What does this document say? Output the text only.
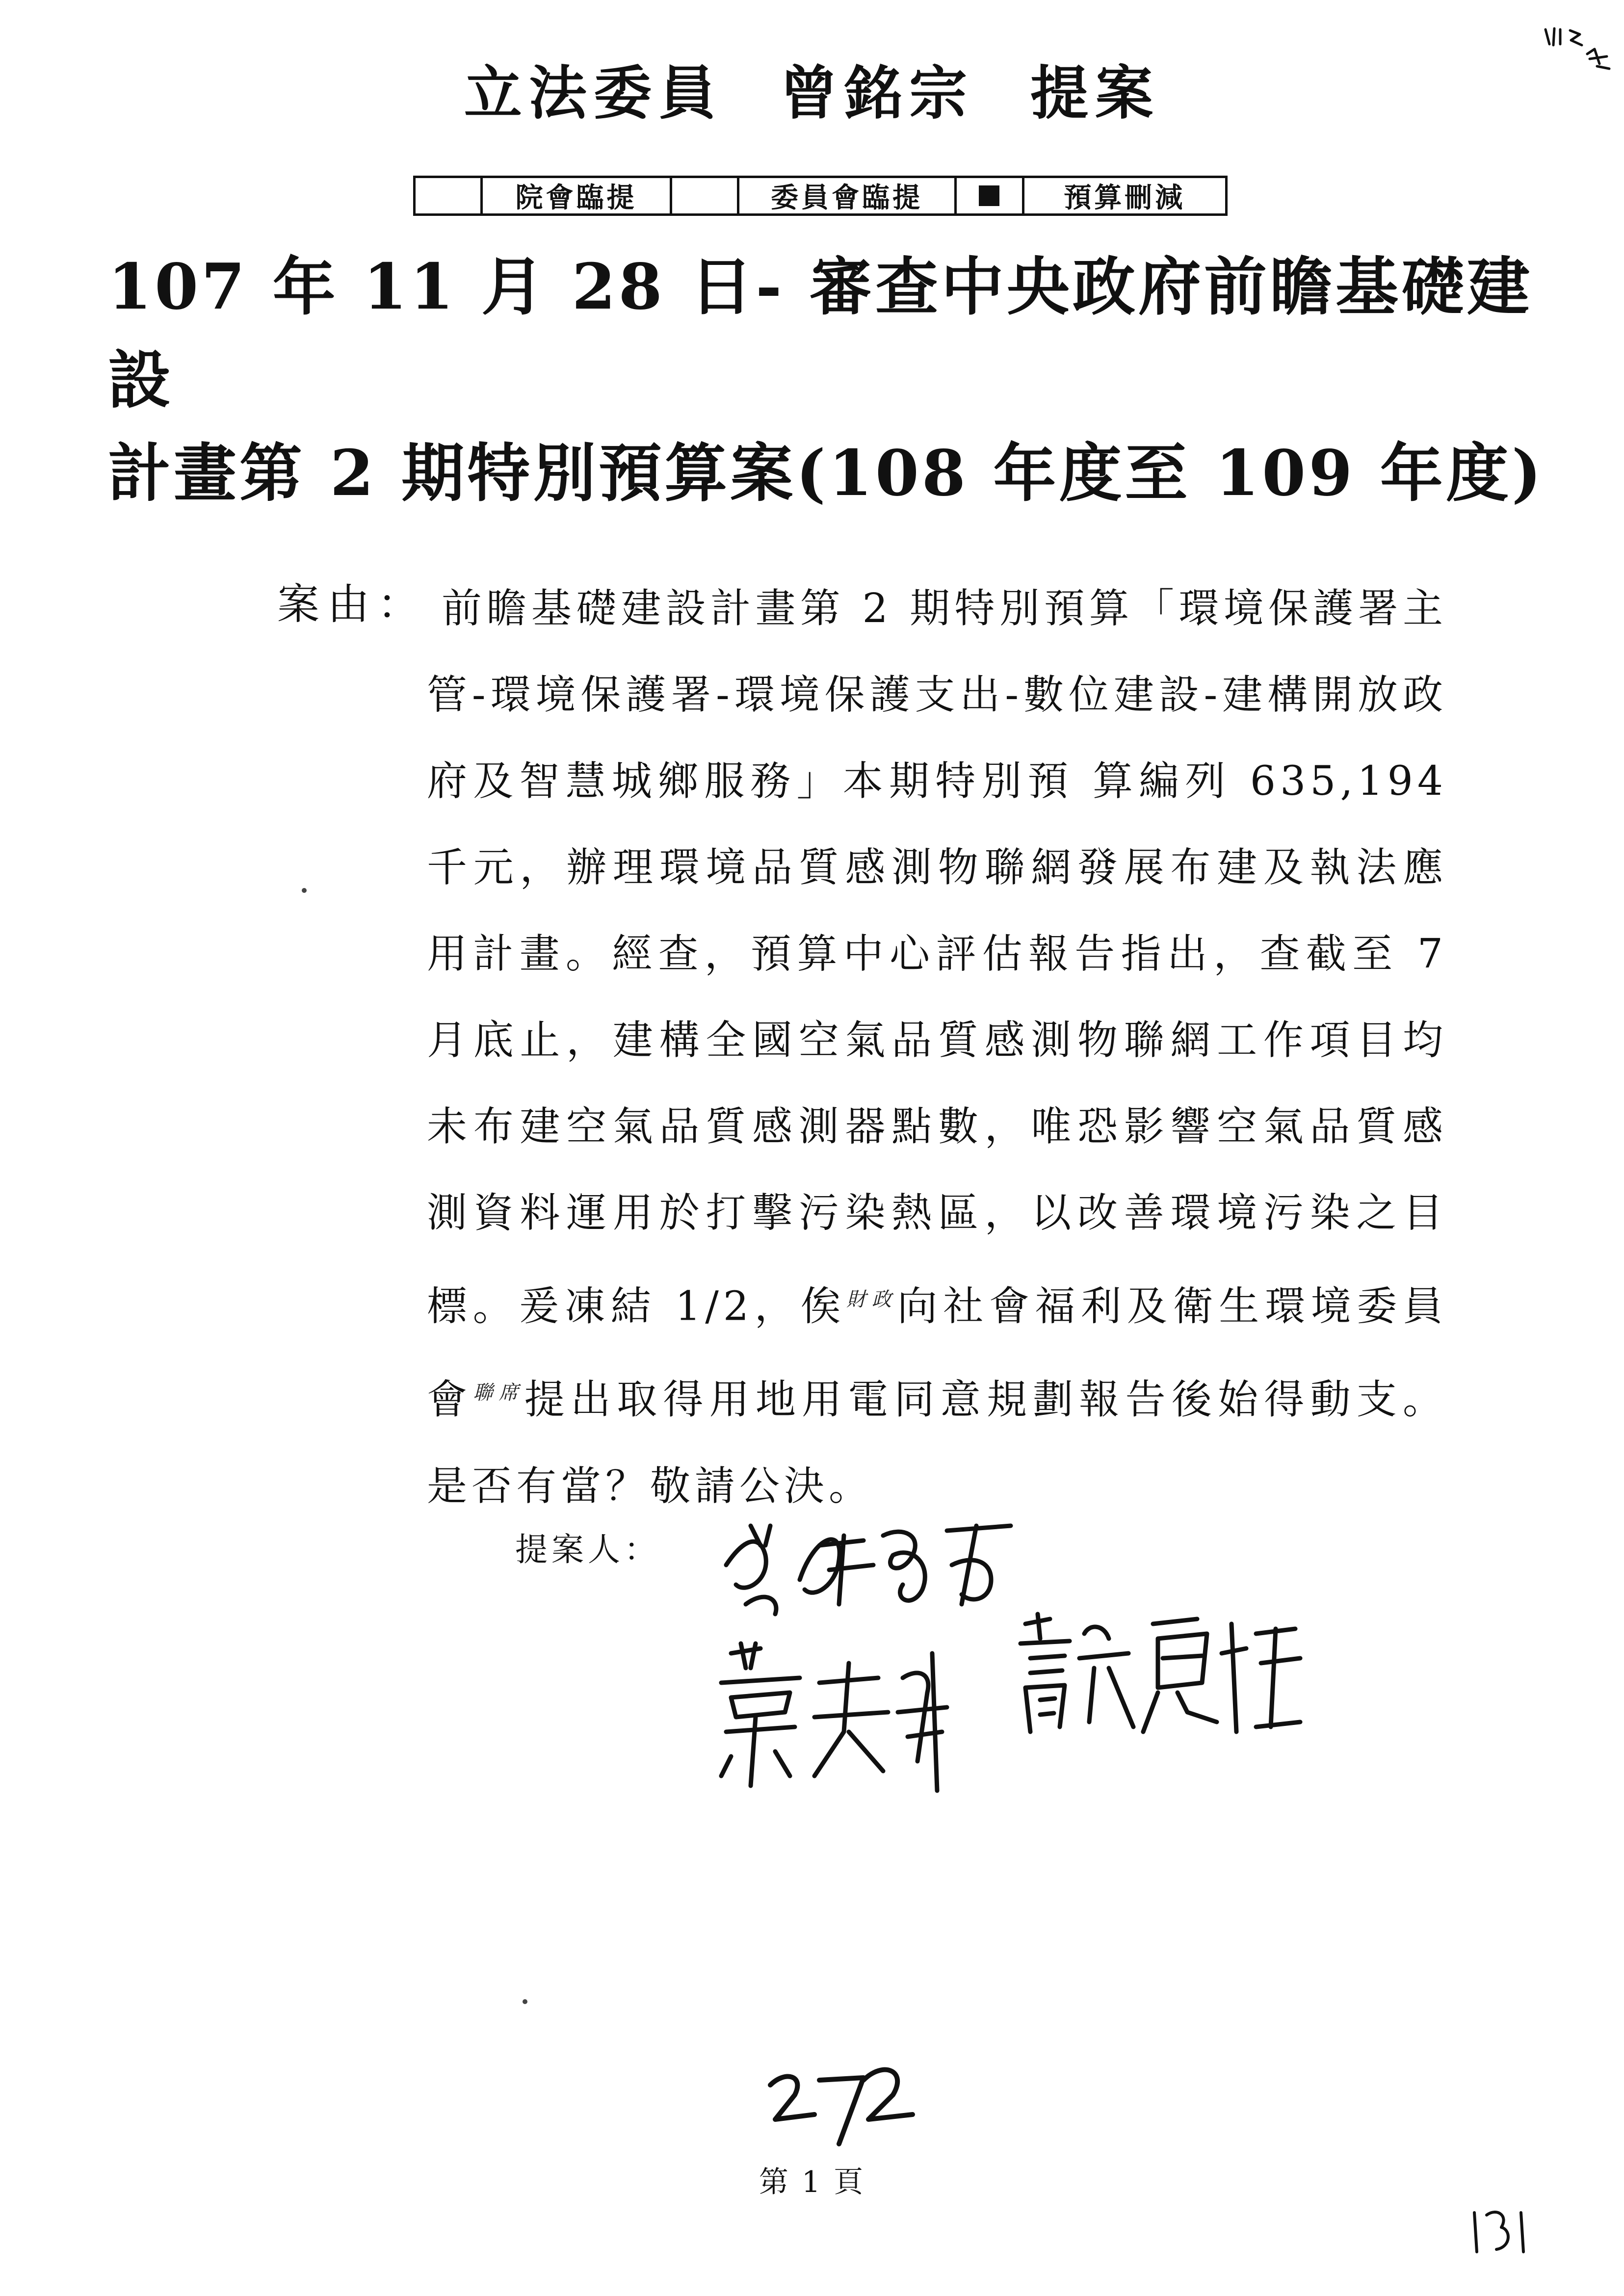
立法委員 曾銘宗 提案
院會臨提	委員會臨提	預算刪減
107 年 11 月 28 日- 審查中央政府前瞻基礎建設
計畫第 2 期特別預算案(108 年度至 109 年度)
案由： 前瞻基礎建設計畫第 2 期特別預算「環境保護署主管-環境保護署-環境保護支出-數位建設-建構開放政府及智慧城鄉服務」本期特別預 算編列 635,194 千元，辦理環境品質感測物聯網發展布建及執法應用計畫。經查，預算中心評估報告指出，查截至 7 月底止，建構全國空氣品質感測物聯網工作項目均未布建空氣品質感測器點數，唯恐影響空氣品質感測資料運用於打擊污染熱區，以改善環境污染之目標。爰凍結 1/2，俟$^{財政}$向社會福利及衛生環境委員會$^{聯席}$提出取得用地用電同意規劃報告後始得動支。是否有當？敬請公決。
提案人：
第 1 頁
